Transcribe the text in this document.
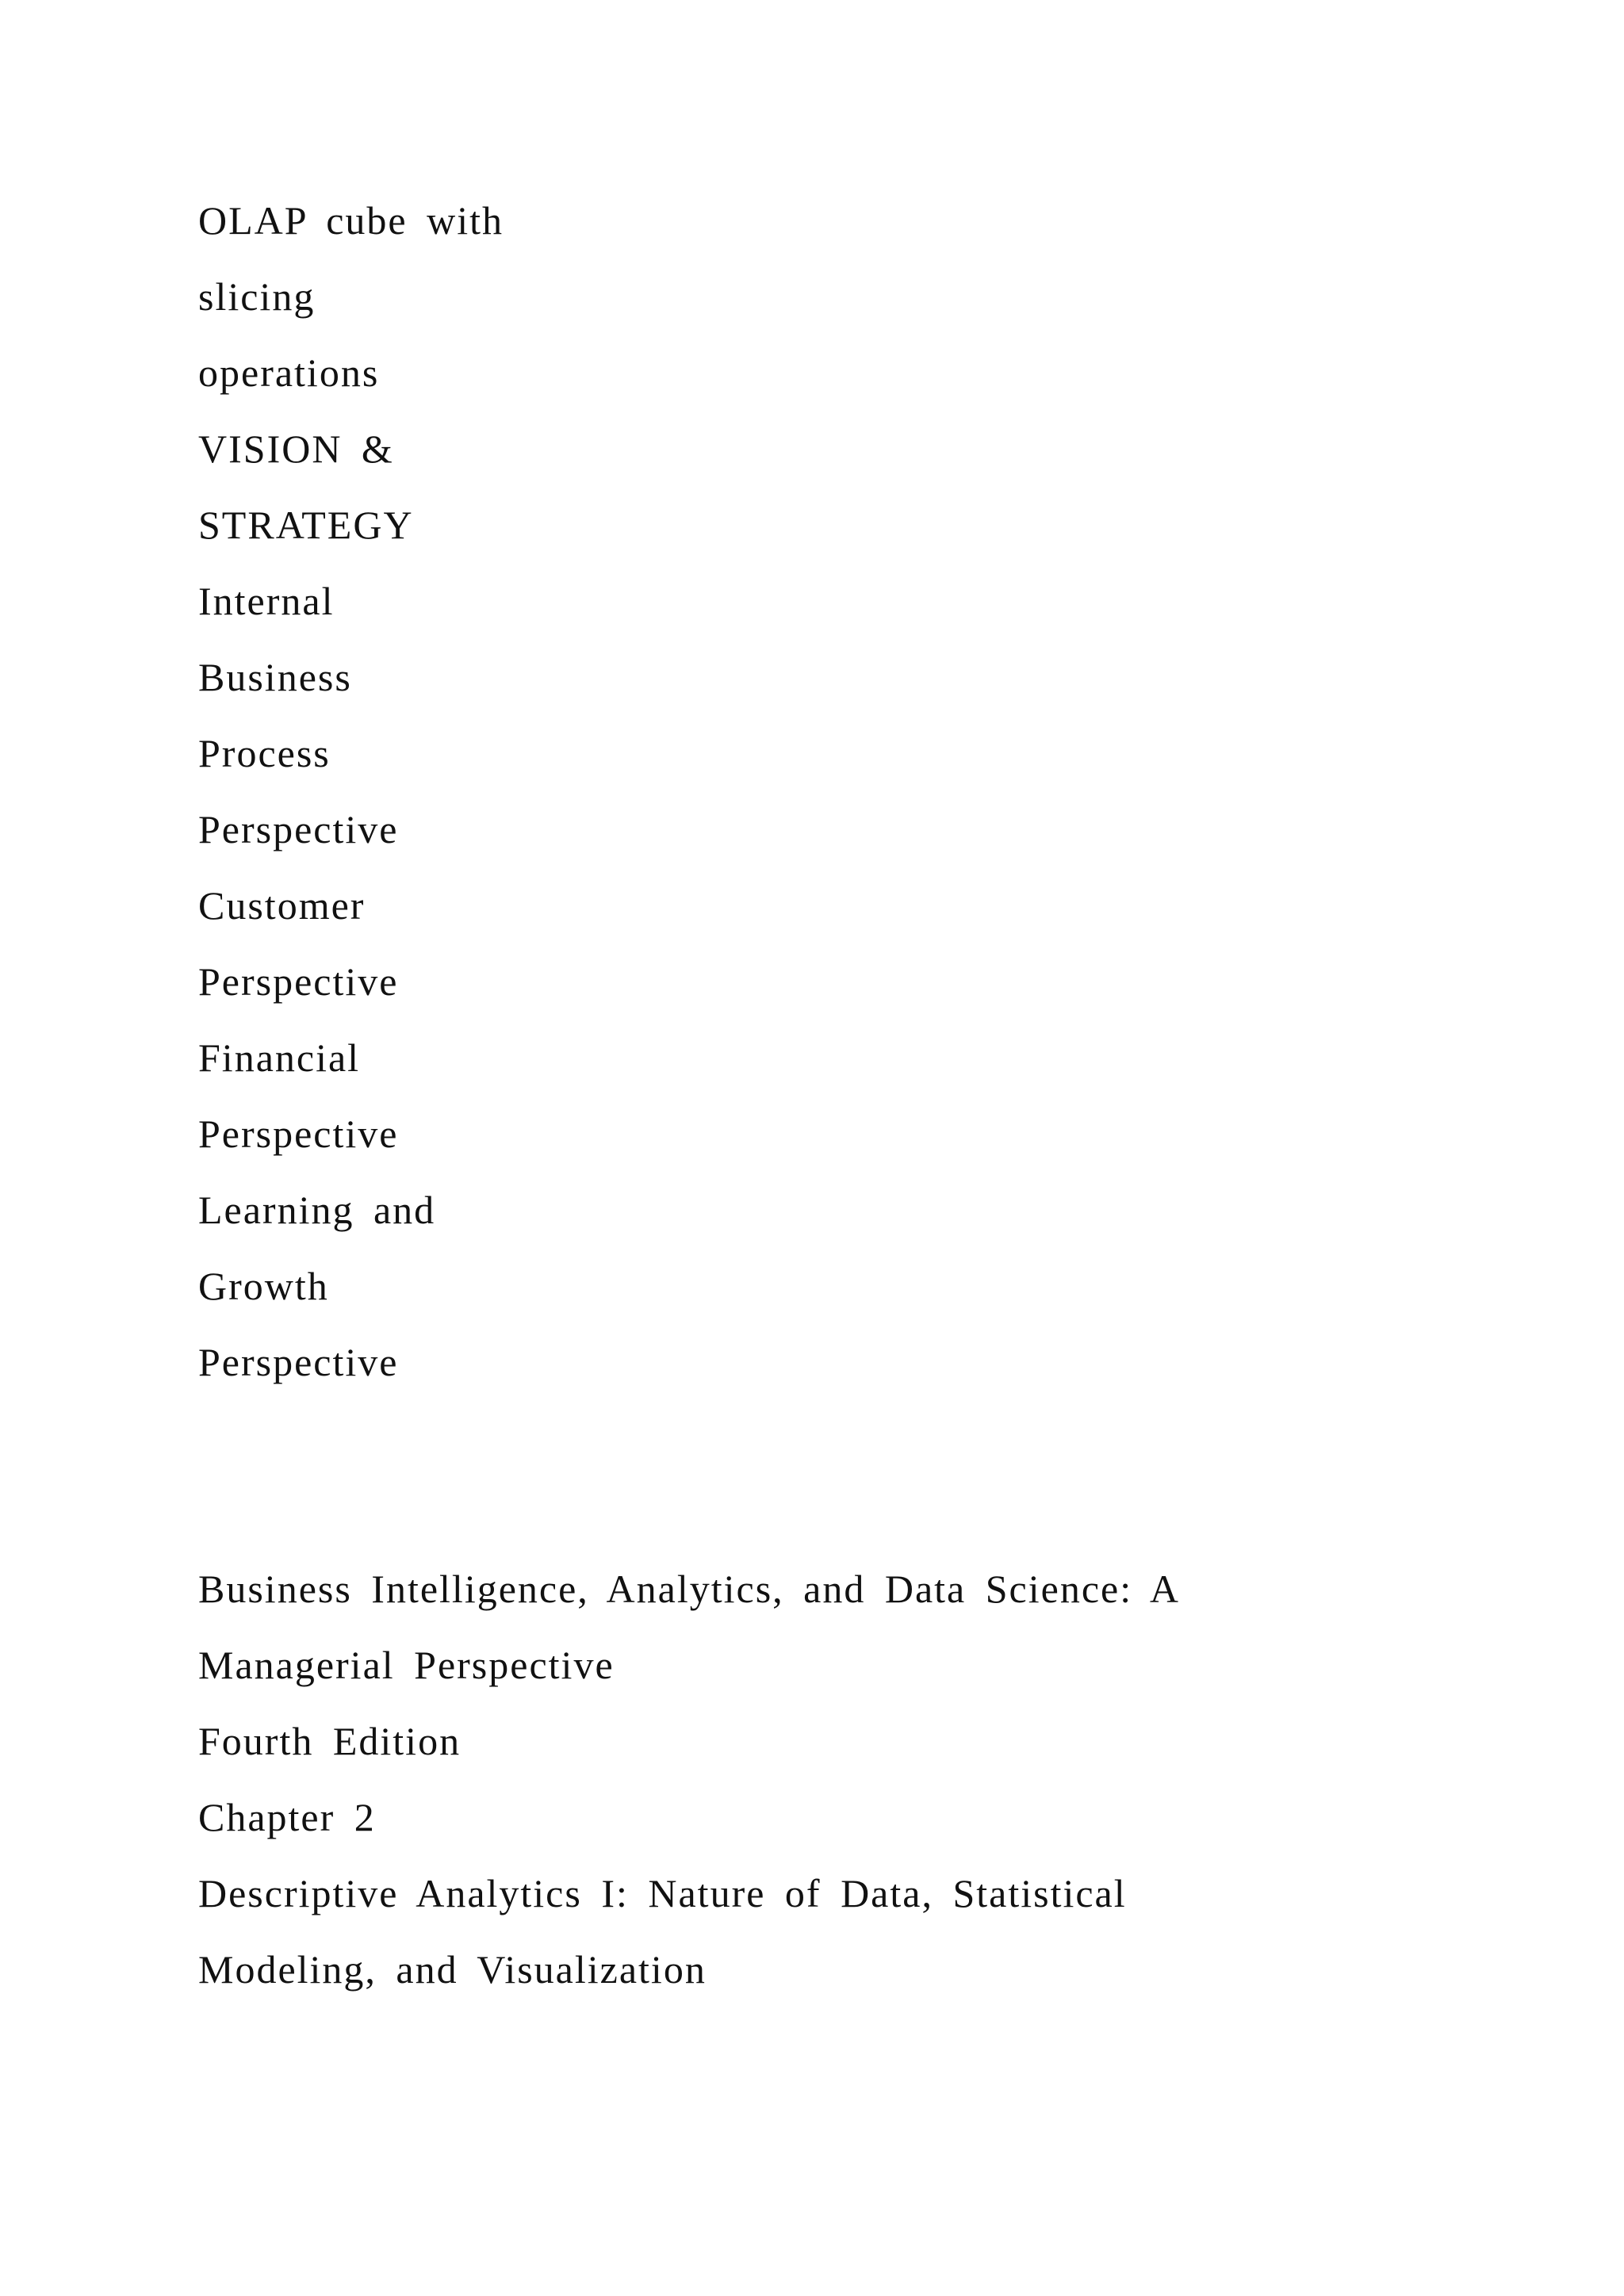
OLAP cube with
slicing
operations
VISION &
STRATEGY
Internal
Business
Process
Perspective
Customer
Perspective
Financial
Perspective
Learning and
Growth
Perspective
Business Intelligence, Analytics, and Data Science: A
Managerial Perspective
Fourth Edition
Chapter 2
Descriptive Analytics I: Nature of Data, Statistical
Modeling, and Visualization
